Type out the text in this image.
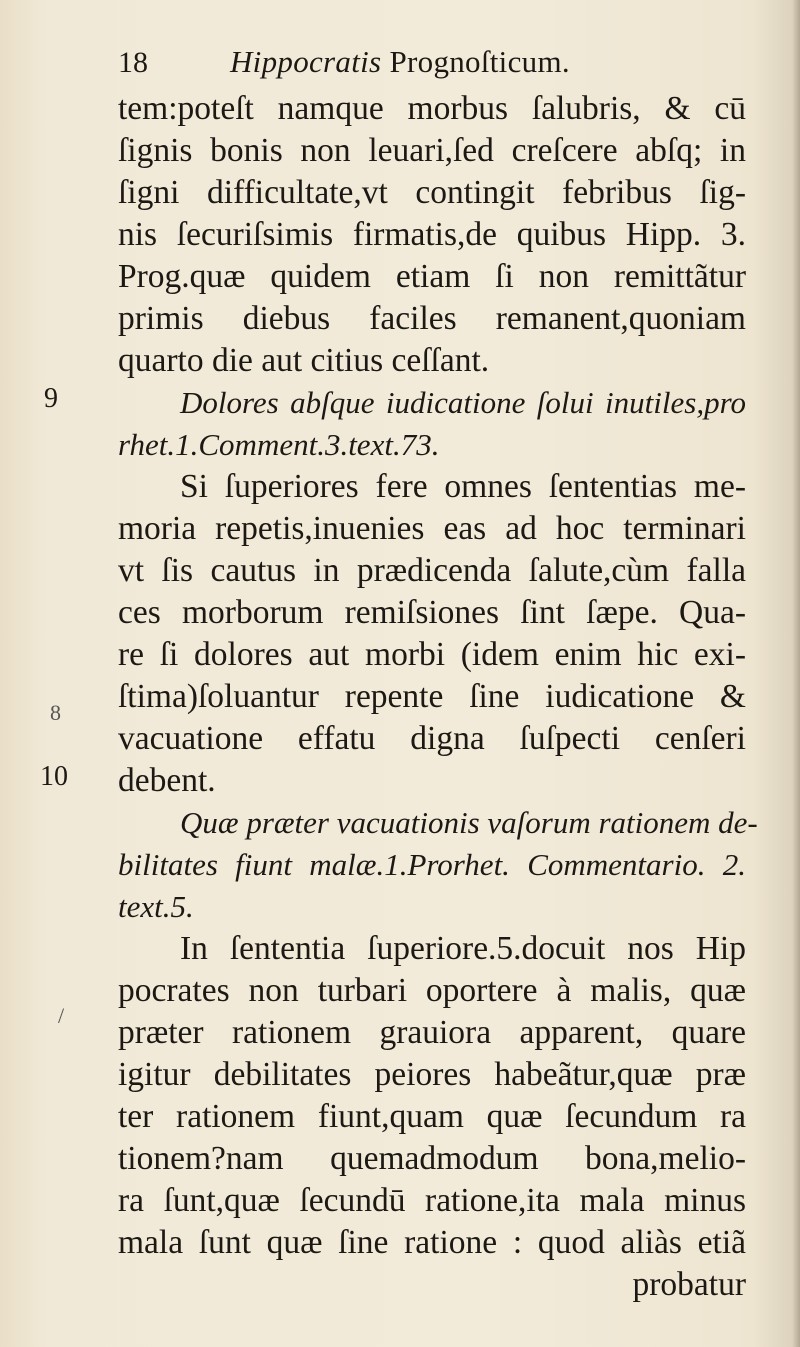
18	Hippocratis Prognoſticum.
9
8
10
/
tem:poteſt namque morbus ſalubris, & cū
ſignis bonis non leuari,ſed creſcere abſq; in
ſigni difficultate,vt contingit febribus ſig-
nis ſecuriſsimis firmatis,de quibus Hipp. 3.
Prog.quæ quidem etiam ſi non remittãtur
primis diebus faciles remanent,quoniam
quarto die aut citius ceſſant.
Dolores abſque iudicatione ſolui inutiles,pro
rhet.1.Comment.3.text.73.
Si ſuperiores fere omnes ſententias me-
moria repetis,inuenies eas ad hoc terminari
vt ſis cautus in prædicenda ſalute,cùm falla
ces morborum remiſsiones ſint ſæpe. Qua-
re ſi dolores aut morbi (idem enim hic exi-
ſtima)ſoluantur repente ſine iudicatione &
vacuatione effatu digna ſuſpecti cenſeri
debent.
Quæ præter vacuationis vaſorum rationem de-
bilitates fiunt malæ.1.Prorhet. Commentario. 2.
text.5.
In ſententia ſuperiore.5.docuit nos Hip
pocrates non turbari oportere à malis, quæ
præter rationem grauiora apparent, quare
igitur debilitates peiores habeãtur,quæ præ
ter rationem fiunt,quam quæ ſecundum ra
tionem?nam quemadmodum bona,melio-
ra ſunt,quæ ſecundū ratione,ita mala minus
mala ſunt quæ ſine ratione : quod aliàs etiã
probatur
